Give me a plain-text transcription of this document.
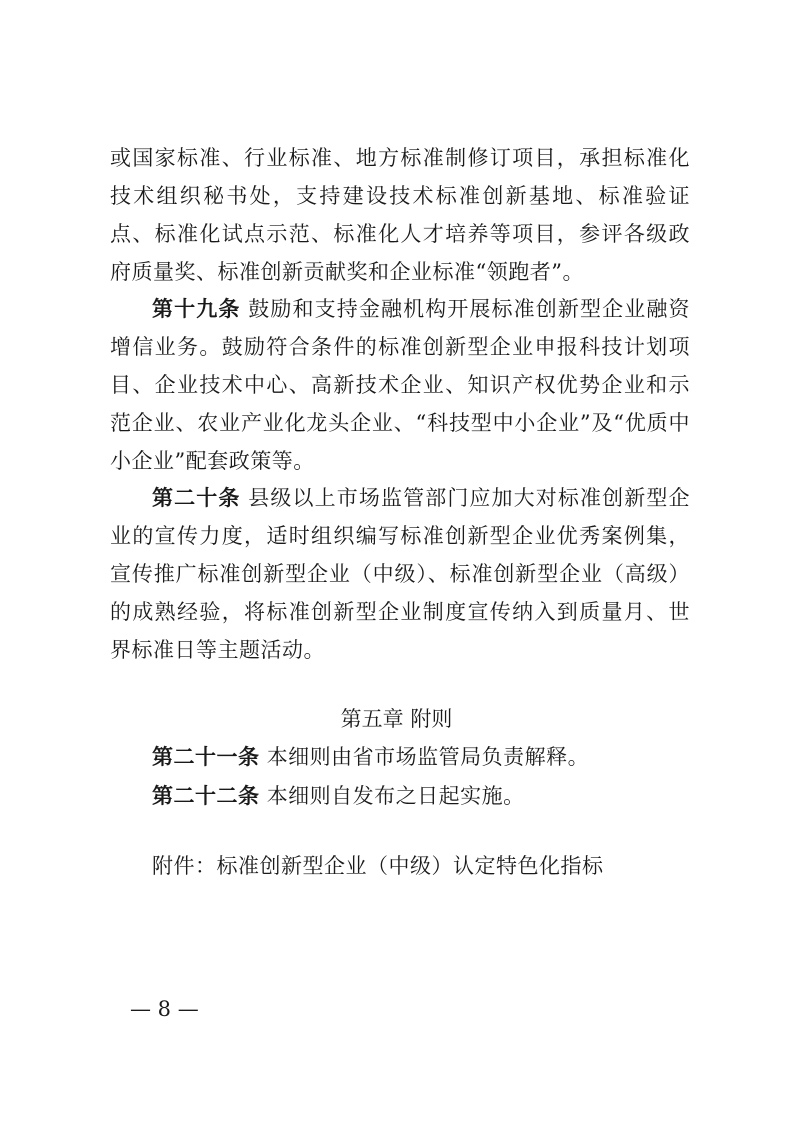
或国家标准、行业标准、地方标准制修订项目，承担标准化技术组织秘书处，支持建设技术标准创新基地、标准验证点、标准化试点示范、标准化人才培养等项目，参评各级政府质量奖、标准创新贡献奖和企业标准“领跑者”。

第十九条 鼓励和支持金融机构开展标准创新型企业融资增信业务。鼓励符合条件的标准创新型企业申报科技计划项目、企业技术中心、高新技术企业、知识产权优势企业和示范企业、农业产业化龙头企业、“科技型中小企业”及“优质中小企业”配套政策等。

第二十条 县级以上市场监管部门应加大对标准创新型企业的宣传力度，适时组织编写标准创新型企业优秀案例集，宣传推广标准创新型企业（中级）、标准创新型企业（高级）的成熟经验，将标准创新型企业制度宣传纳入到质量月、世界标准日等主题活动。

第五章 附则
第二十一条 本细则由省市场监管局负责解释。
第二十二条 本细则自发布之日起实施。
附件：标准创新型企业（中级）认定特色化指标
— 8 —
